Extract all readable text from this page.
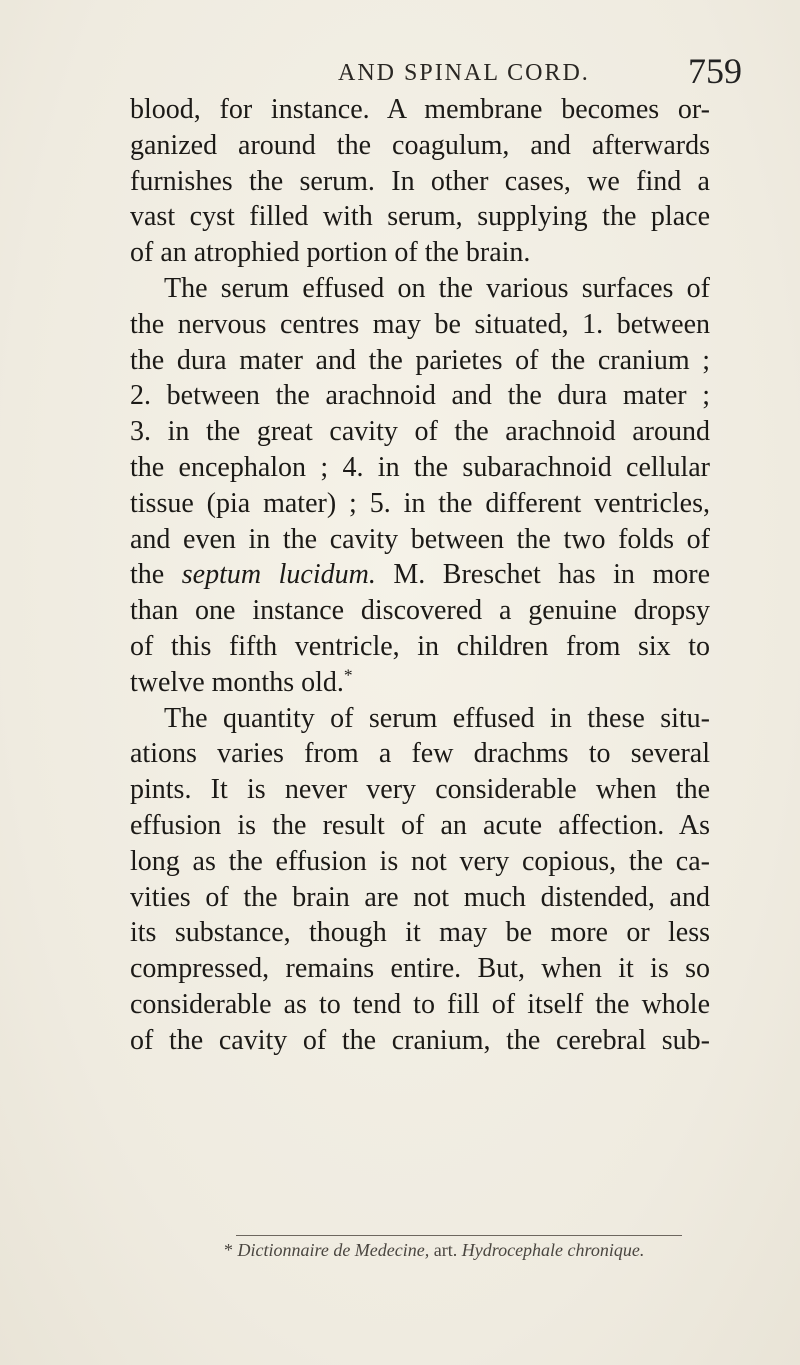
AND SPINAL CORD.	759
blood, for instance. A membrane becomes or-
ganized around the coagulum, and afterwards
furnishes the serum. In other cases, we find a
vast cyst filled with serum, supplying the place
of an atrophied portion of the brain.
The serum effused on the various surfaces of
the nervous centres may be situated, 1. between
the dura mater and the parietes of the cranium ;
2. between the arachnoid and the dura mater ;
3. in the great cavity of the arachnoid around
the encephalon ; 4. in the subarachnoid cellular
tissue (pia mater) ; 5. in the different ventricles,
and even in the cavity between the two folds of
the septum lucidum. M. Breschet has in more
than one instance discovered a genuine dropsy
of this fifth ventricle, in children from six to
twelve months old.*
The quantity of serum effused in these situ-
ations varies from a few drachms to several
pints. It is never very considerable when the
effusion is the result of an acute affection. As
long as the effusion is not very copious, the ca-
vities of the brain are not much distended, and
its substance, though it may be more or less
compressed, remains entire. But, when it is so
considerable as to tend to fill of itself the whole
of the cavity of the cranium, the cerebral sub-
* Dictionnaire de Medecine, art. Hydrocephale chronique.
